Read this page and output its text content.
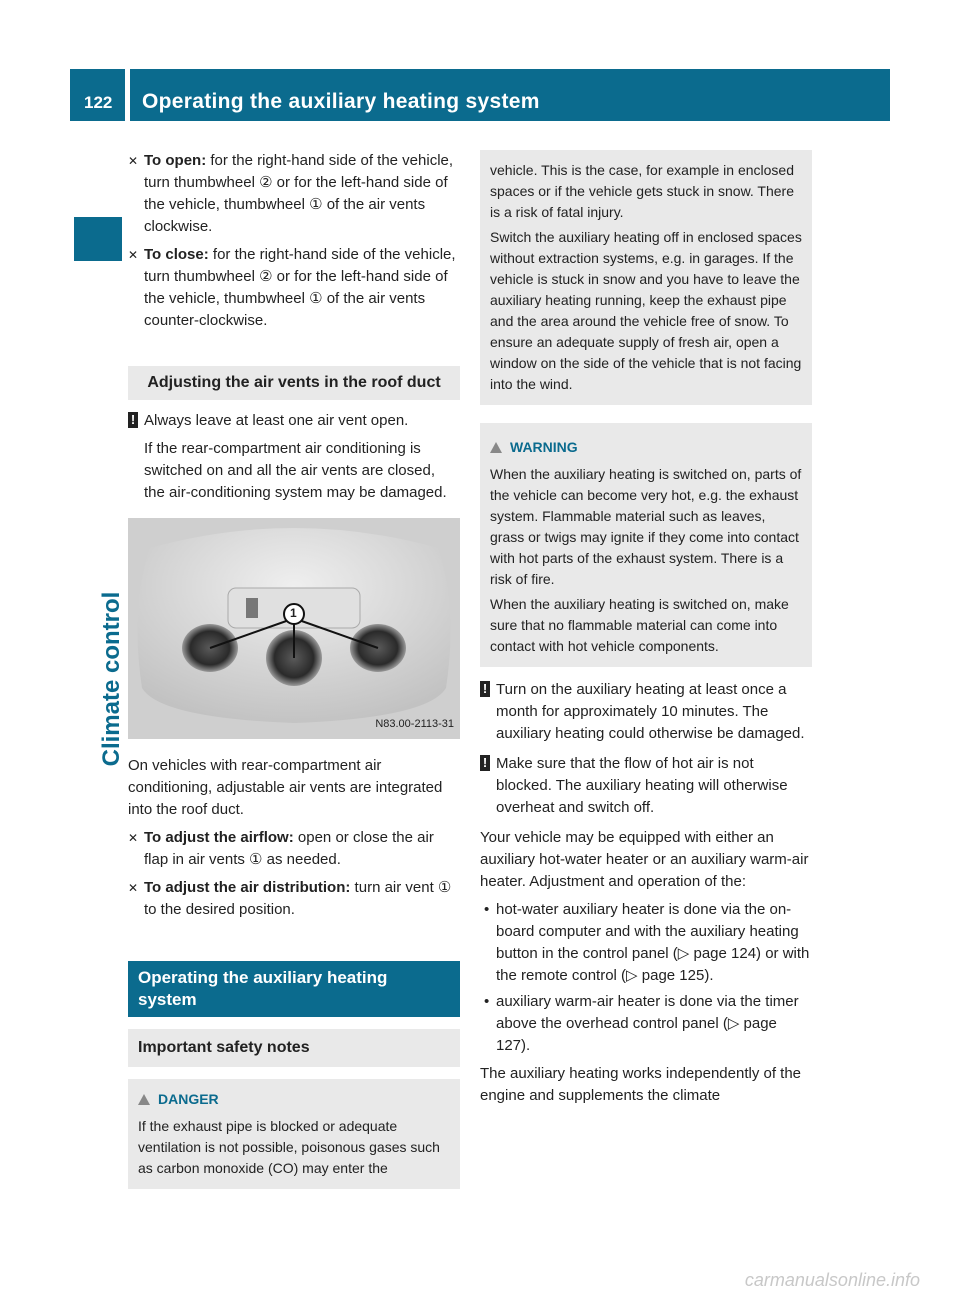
122 Operating the auxiliary heating system
Climate control
✕ To open: for the right-hand side of the vehicle, turn thumbwheel ② or for the left-hand side of the vehicle, thumbwheel ① of the air vents clockwise.
✕ To close: for the right-hand side of the vehicle, turn thumbwheel ② or for the left-hand side of the vehicle, thumbwheel ① of the air vents counter-clockwise.
Adjusting the air vents in the roof duct
! Always leave at least one air vent open.

If the rear-compartment air conditioning is switched on and all the air vents are closed, the air-conditioning system may be damaged.

1
N83.00-2113-31

On vehicles with rear-compartment air conditioning, adjustable air vents are integrated into the roof duct.

✕ To adjust the airflow: open or close the air flap in air vents ① as needed.
✕ To adjust the air distribution: turn air vent ① to the desired position.
Operating the auxiliary heating system
Important safety notes
DANGER

If the exhaust pipe is blocked or adequate ventilation is not possible, poisonous gases such as carbon monoxide (CO) may enter the

vehicle. This is the case, for example in enclosed spaces or if the vehicle gets stuck in snow. There is a risk of fatal injury.

Switch the auxiliary heating off in enclosed spaces without extraction systems, e.g. in garages. If the vehicle is stuck in snow and you have to leave the auxiliary heating running, keep the exhaust pipe and the area around the vehicle free of snow. To ensure an adequate supply of fresh air, open a window on the side of the vehicle that is not facing into the wind.

WARNING

When the auxiliary heating is switched on, parts of the vehicle can become very hot, e.g. the exhaust system. Flammable material such as leaves, grass or twigs may ignite if they come into contact with hot parts of the exhaust system. There is a risk of fire.

When the auxiliary heating is switched on, make sure that no flammable material can come into contact with hot vehicle components.

! Turn on the auxiliary heating at least once a month for approximately 10 minutes. The auxiliary heating could otherwise be damaged.

! Make sure that the flow of hot air is not blocked. The auxiliary heating will otherwise overheat and switch off.

Your vehicle may be equipped with either an auxiliary hot-water heater or an auxiliary warm-air heater. Adjustment and operation of the:

• hot-water auxiliary heater is done via the on-board computer and with the auxiliary heating button in the control panel (▷ page 124) or with the remote control (▷ page 125).
• auxiliary warm-air heater is done via the timer above the overhead control panel (▷ page 127).

The auxiliary heating works independently of the engine and supplements the climate

carmanualsonline.info
